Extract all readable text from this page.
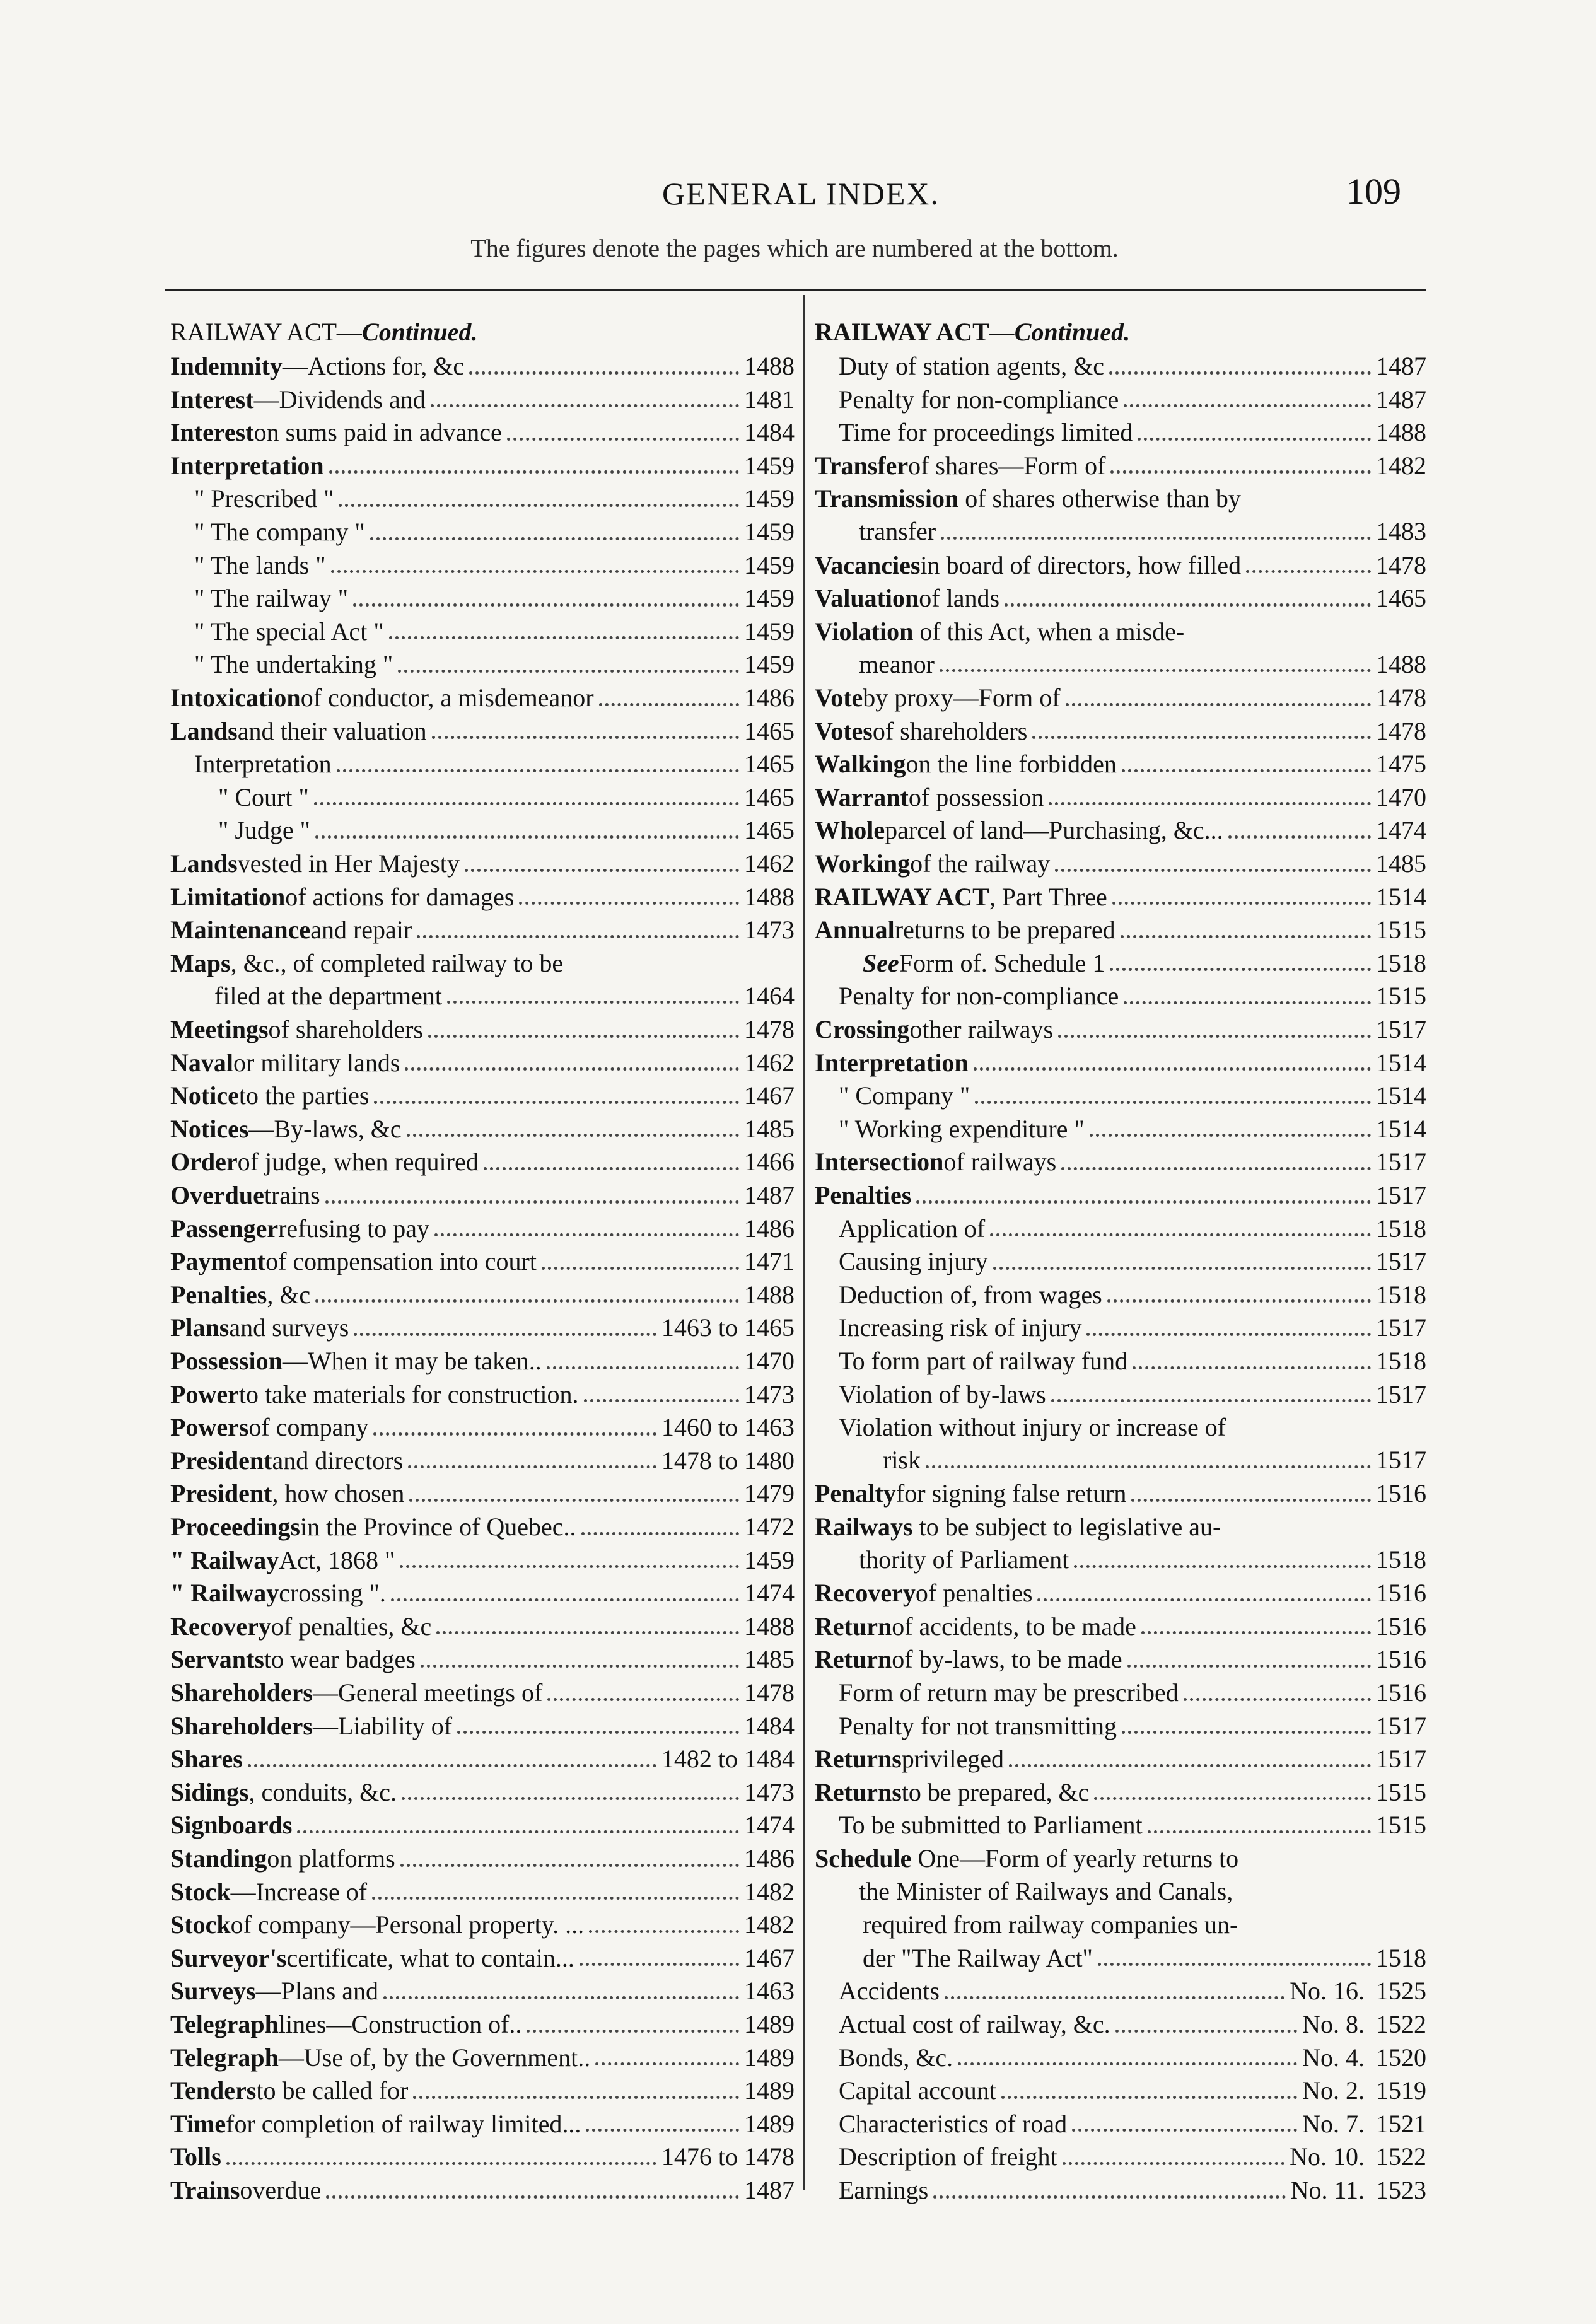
GENERAL INDEX.	109
The figures denote the pages which are numbered at the bottom.
RAILWAY ACT—Continued.
Indemnity —Actions for, &c	1488
Interest —Dividends and	1481
Interest on sums paid in advance	1484
Interpretation	1459
" Prescribed "	1459
" The company "	1459
" The lands "	1459
" The railway "	1459
" The special Act "	1459
" The undertaking "	1459
Intoxication of conductor, a misdemeanor	1486
Lands and their valuation	1465
Interpretation	1465
" Court "	1465
" Judge "	1465
Lands vested in Her Majesty	1462
Limitation of actions for damages	1488
Maintenance and repair	1473
Maps, &c., of completed railway to be
filed at the department	1464
Meetings of shareholders	1478
Naval or military lands	1462
Notice to the parties	1467
Notices —By-laws, &c	1485
Order of judge, when required	1466
Overdue trains	1487
Passenger refusing to pay	1486
Payment of compensation into court	1471
Penalties , &c	1488
Plans and surveys	1463 to 1465
Possession —When it may be taken..	1470
Power to take materials for construction.	1473
Powers of company	1460 to 1463
President and directors	1478 to 1480
President , how chosen	1479
Proceedings in the Province of Quebec..	1472
" Railway Act, 1868 "	1459
" Railway crossing ".	1474
Recovery of penalties, &c	1488
Servants to wear badges	1485
Shareholders —General meetings of	1478
Shareholders —Liability of	1484
Shares	1482 to 1484
Sidings , conduits, &c.	1473
Signboards	1474
Standing on platforms	1486
Stock —Increase of	1482
Stock of company—Personal property. ...	1482
Surveyor's certificate, what to contain...	1467
Surveys —Plans and	1463
Telegraph lines—Construction of..	1489
Telegraph —Use of, by the Government..	1489
Tenders to be called for	1489
Time for completion of railway limited...	1489
Tolls	1476 to 1478
Trains overdue	1487
RAILWAY ACT—Continued.
Duty of station agents, &c	1487
Penalty for non-compliance	1487
Time for proceedings limited	1488
Transfer of shares—Form of	1482
Transmission of shares otherwise than by
transfer	1483
Vacancies in board of directors, how filled	1478
Valuation of lands	1465
Violation of this Act, when a misde-
meanor	1488
Vote by proxy—Form of	1478
Votes of shareholders	1478
Walking on the line forbidden	1475
Warrant of possession	1470
Whole parcel of land—Purchasing, &c...	1474
Working of the railway	1485
RAILWAY ACT , Part Three	1514
Annual returns to be prepared	1515
See Form of. Schedule 1	1518
Penalty for non-compliance	1515
Crossing other railways	1517
Interpretation	1514
" Company "	1514
" Working expenditure "	1514
Intersection of railways	1517
Penalties	1517
Application of	1518
Causing injury	1517
Deduction of, from wages	1518
Increasing risk of injury	1517
To form part of railway fund	1518
Violation of by-laws	1517
Violation without injury or increase of
risk	1517
Penalty for signing false return	1516
Railways to be subject to legislative au-
thority of Parliament	1518
Recovery of penalties	1516
Return of accidents, to be made	1516
Return of by-laws, to be made	1516
Form of return may be prescribed	1516
Penalty for not transmitting	1517
Returns privileged	1517
Returns to be prepared, &c	1515
To be submitted to Parliament	1515
Schedule One—Form of yearly returns to
the Minister of Railways and Canals,
required from railway companies un-
der "The Railway Act"	1518
Accidents	No. 16. 1525
Actual cost of railway, &c.	No. 8. 1522
Bonds, &c.	No. 4. 1520
Capital account	No. 2. 1519
Characteristics of road	No. 7. 1521
Description of freight	No. 10. 1522
Earnings	No. 11. 1523
